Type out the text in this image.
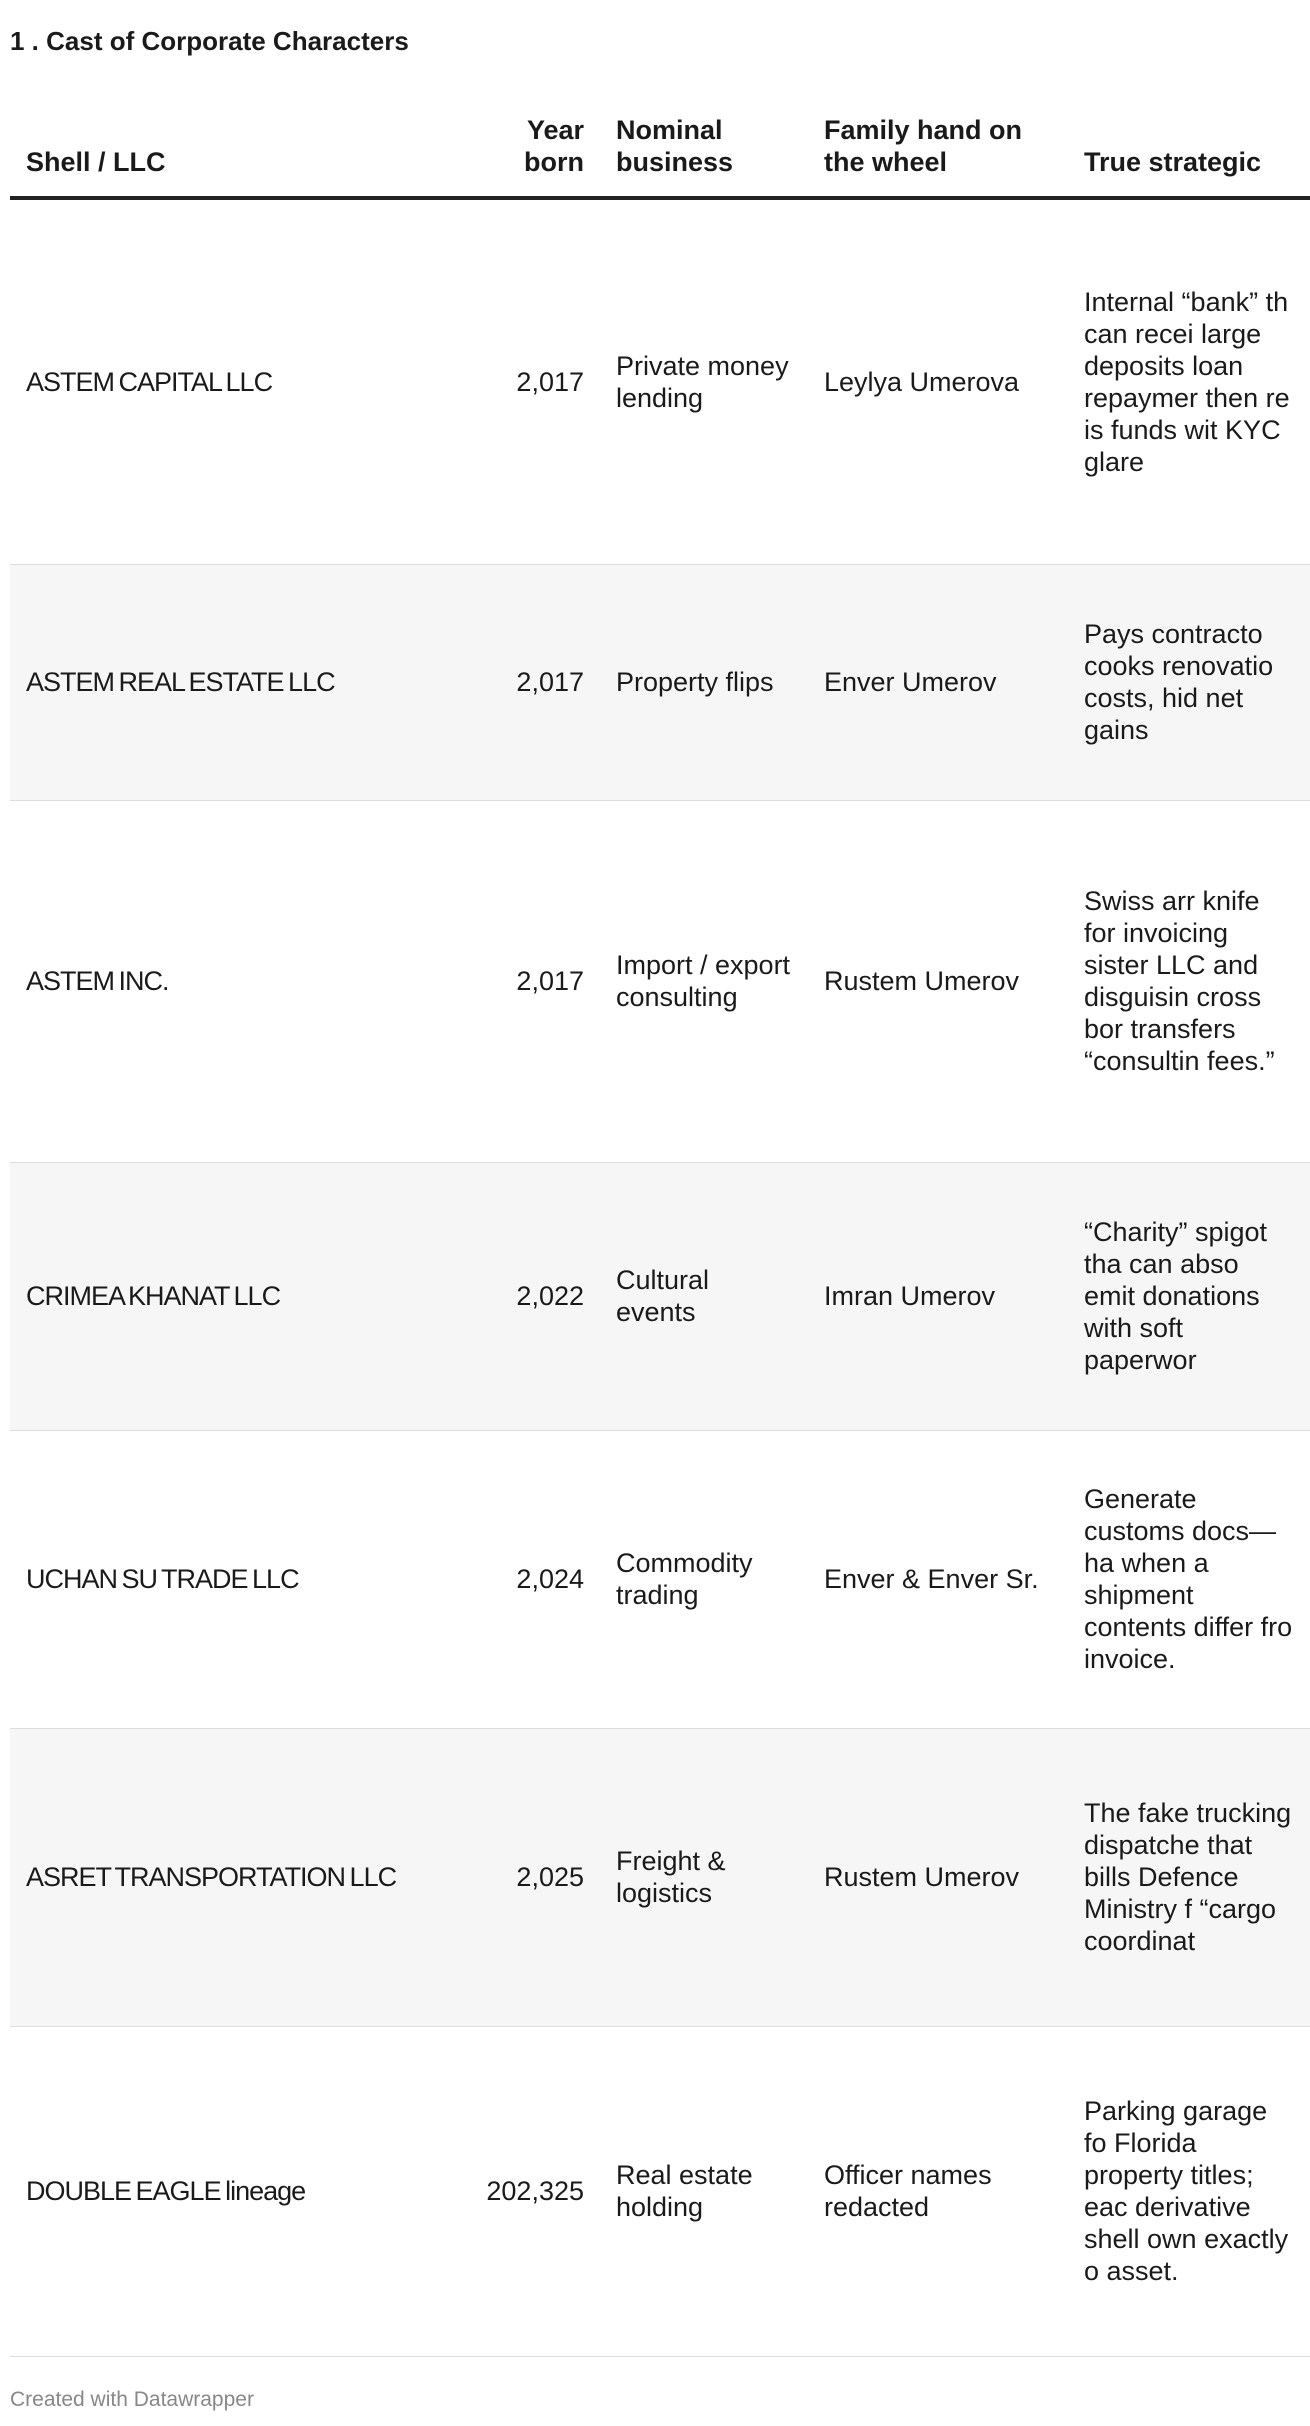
1 . Cast of Corporate Characters
Shell / LLC	Year born	Nominal business	Family hand on the wheel	True strategic
ASTEM CAPITAL LLC	2,017	Private money lending	Leylya Umerova	Internal “bank” th can recei large deposits loan repaymer then re is funds wit KYC glare
ASTEM REAL ESTATE LLC	2,017	Property flips	Enver Umerov	Pays contracto cooks renovatio costs, hid net gains
ASTEM INC.	2,017	Import / export consulting	Rustem Umerov	Swiss arr knife for invoicing sister LLC and disguisin cross bor transfers “consultin fees.”
CRIMEA KHANAT LLC	2,022	Cultural events	Imran Umerov	“Charity” spigot tha can abso emit donations with soft paperwor
UCHAN SU TRADE LLC	2,024	Commodity trading	Enver & Enver Sr.	Generate customs docs—ha when a shipment contents differ fro invoice.
ASRET TRANSPORTATION LLC	2,025	Freight & logistics	Rustem Umerov	The fake trucking dispatche that bills Defence Ministry f “cargo coordinat
DOUBLE EAGLE lineage	202,325	Real estate holding	Officer names redacted	Parking garage fo Florida property titles; eac derivative shell own exactly o asset.
Created with Datawrapper
